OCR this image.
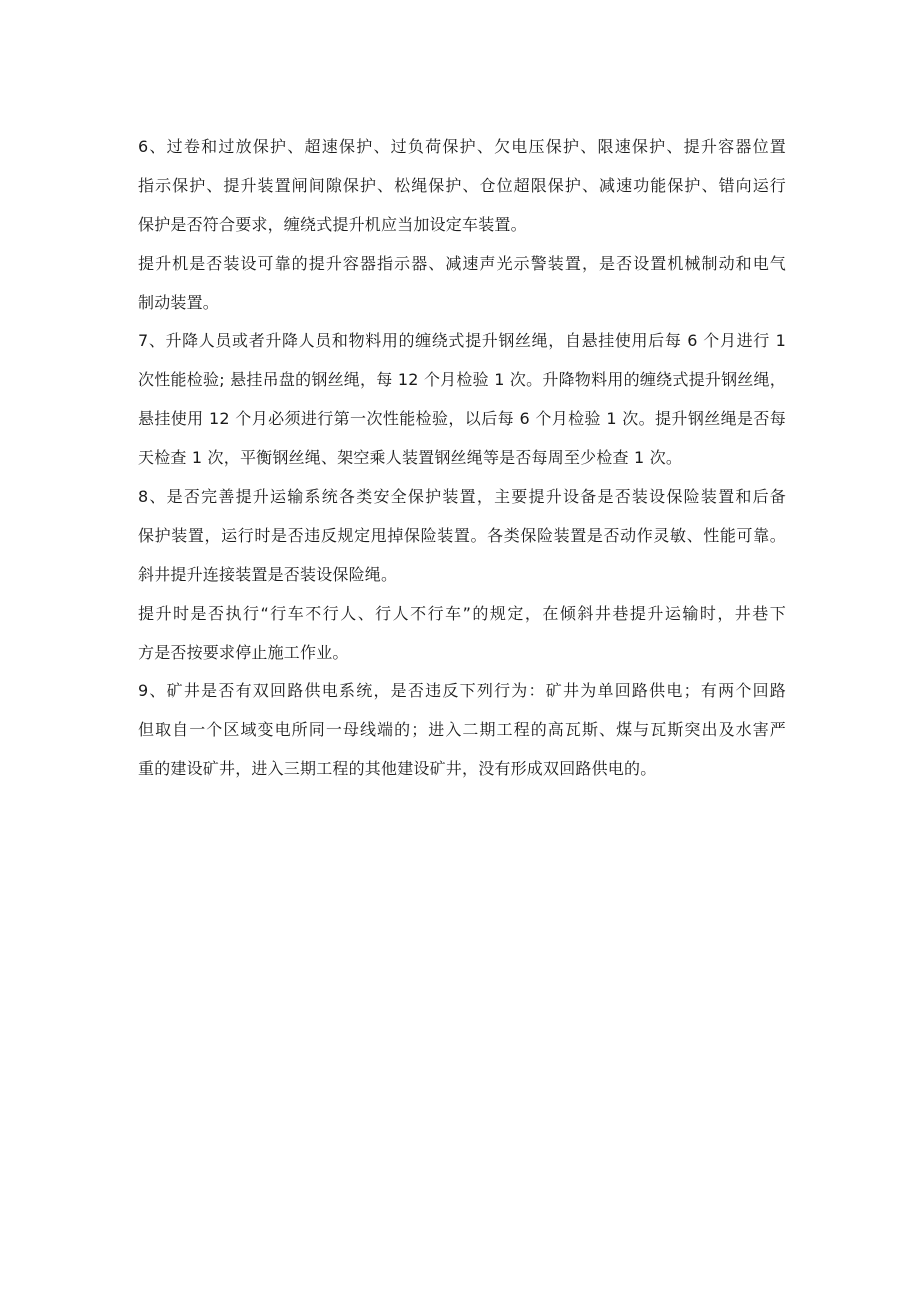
6、过卷和过放保护、超速保护、过负荷保护、欠电压保护、限速保护、提升容器位置
指示保护、提升装置闸间隙保护、松绳保护、仓位超限保护、减速功能保护、错向运行
保护是否符合要求，缠绕式提升机应当加设定车装置。
提升机是否装设可靠的提升容器指示器、减速声光示警装置，是否设置机械制动和电气
制动装置。
7、升降人员或者升降人员和物料用的缠绕式提升钢丝绳，自悬挂使用后每 6 个月进行 1
次性能检验; 悬挂吊盘的钢丝绳，每 12 个月检验 1 次。升降物料用的缠绕式提升钢丝绳，
悬挂使用 12 个月必须进行第一次性能检验，以后每 6 个月检验 1 次。提升钢丝绳是否每
天检查 1 次，平衡钢丝绳、架空乘人装置钢丝绳等是否每周至少检查 1 次。
8、是否完善提升运输系统各类安全保护装置，主要提升设备是否装设保险装置和后备
保护装置，运行时是否违反规定甩掉保险装置。各类保险装置是否动作灵敏、性能可靠。
斜井提升连接装置是否装设保险绳。
提升时是否执行“行车不行人、行人不行车”的规定，在倾斜井巷提升运输时，井巷下
方是否按要求停止施工作业。
9、矿井是否有双回路供电系统，是否违反下列行为：矿井为单回路供电；有两个回路
但取自一个区域变电所同一母线端的；进入二期工程的高瓦斯、煤与瓦斯突出及水害严
重的建设矿井，进入三期工程的其他建设矿井，没有形成双回路供电的。
